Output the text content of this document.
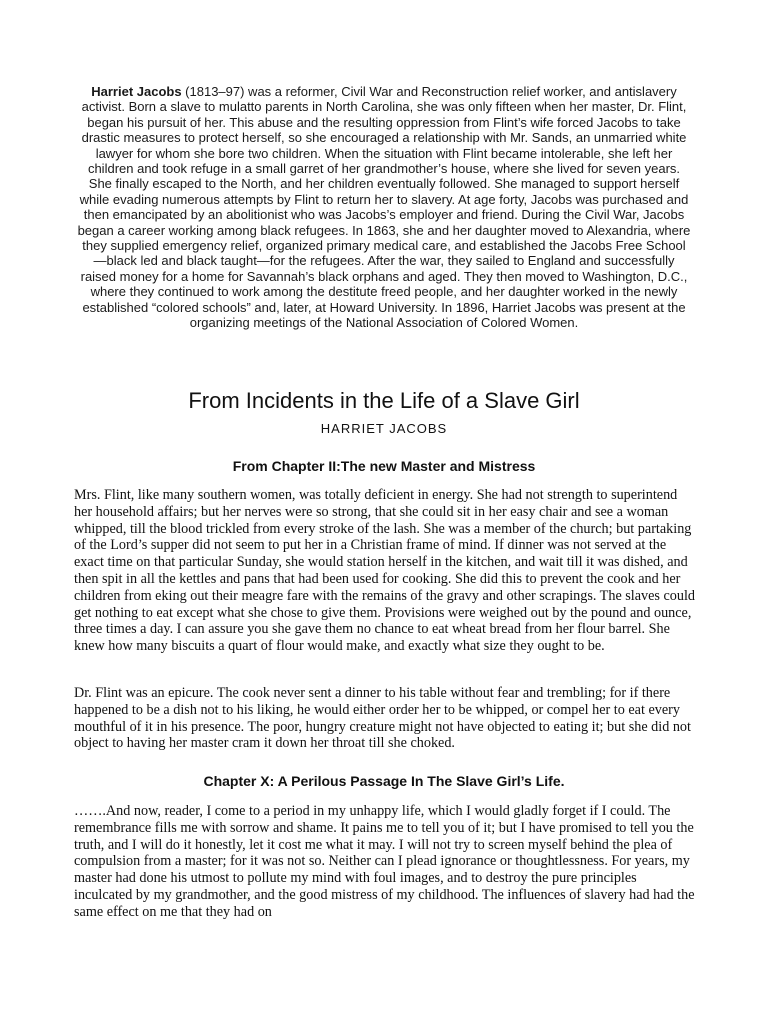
Harriet Jacobs (1813–97) was a reformer, Civil War and Reconstruction relief worker, and antislavery activist. Born a slave to mulatto parents in North Carolina, she was only fifteen when her master, Dr. Flint, began his pursuit of her. This abuse and the resulting oppression from Flint’s wife forced Jacobs to take drastic measures to protect herself, so she encouraged a relationship with Mr. Sands, an unmarried white lawyer for whom she bore two children. When the situation with Flint became intolerable, she left her children and took refuge in a small garret of her grandmother’s house, where she lived for seven years. She finally escaped to the North, and her children eventually followed. She managed to support herself while evading numerous attempts by Flint to return her to slavery. At age forty, Jacobs was purchased and then emancipated by an abolitionist who was Jacobs’s employer and friend. During the Civil War, Jacobs began a career working among black refugees. In 1863, she and her daughter moved to Alexandria, where they supplied emergency relief, organized primary medical care, and established the Jacobs Free School—black led and black taught—for the refugees. After the war, they sailed to England and successfully raised money for a home for Savannah’s black orphans and aged. They then moved to Washington, D.C., where they continued to work among the destitute freed people, and her daughter worked in the newly established “colored schools” and, later, at Howard University. In 1896, Harriet Jacobs was present at the organizing meetings of the National Association of Colored Women.
From Incidents in the Life of a Slave Girl
HARRIET JACOBS
From Chapter II:The new Master and Mistress
Mrs. Flint, like many southern women, was totally deficient in energy. She had not strength to superintend her household affairs; but her nerves were so strong, that she could sit in her easy chair and see a woman whipped, till the blood trickled from every stroke of the lash. She was a member of the church; but partaking of the Lord’s supper did not seem to put her in a Christian frame of mind. If dinner was not served at the exact time on that particular Sunday, she would station herself in the kitchen, and wait till it was dished, and then spit in all the kettles and pans that had been used for cooking. She did this to prevent the cook and her children from eking out their meagre fare with the remains of the gravy and other scrapings. The slaves could get nothing to eat except what she chose to give them. Provisions were weighed out by the pound and ounce, three times a day. I can assure you she gave them no chance to eat wheat bread from her flour barrel. She knew how many biscuits a quart of flour would make, and exactly what size they ought to be.
Dr. Flint was an epicure. The cook never sent a dinner to his table without fear and trembling; for if there happened to be a dish not to his liking, he would either order her to be whipped, or compel her to eat every mouthful of it in his presence. The poor, hungry creature might not have objected to eating it; but she did not object to having her master cram it down her throat till she choked.
Chapter X: A Perilous Passage In The Slave Girl’s Life.
…….And now, reader, I come to a period in my unhappy life, which I would gladly forget if I could. The remembrance fills me with sorrow and shame. It pains me to tell you of it; but I have promised to tell you the truth, and I will do it honestly, let it cost me what it may. I will not try to screen myself behind the plea of compulsion from a master; for it was not so. Neither can I plead ignorance or thoughtlessness. For years, my master had done his utmost to pollute my mind with foul images, and to destroy the pure principles inculcated by my grandmother, and the good mistress of my childhood. The influences of slavery had had the same effect on me that they had on
